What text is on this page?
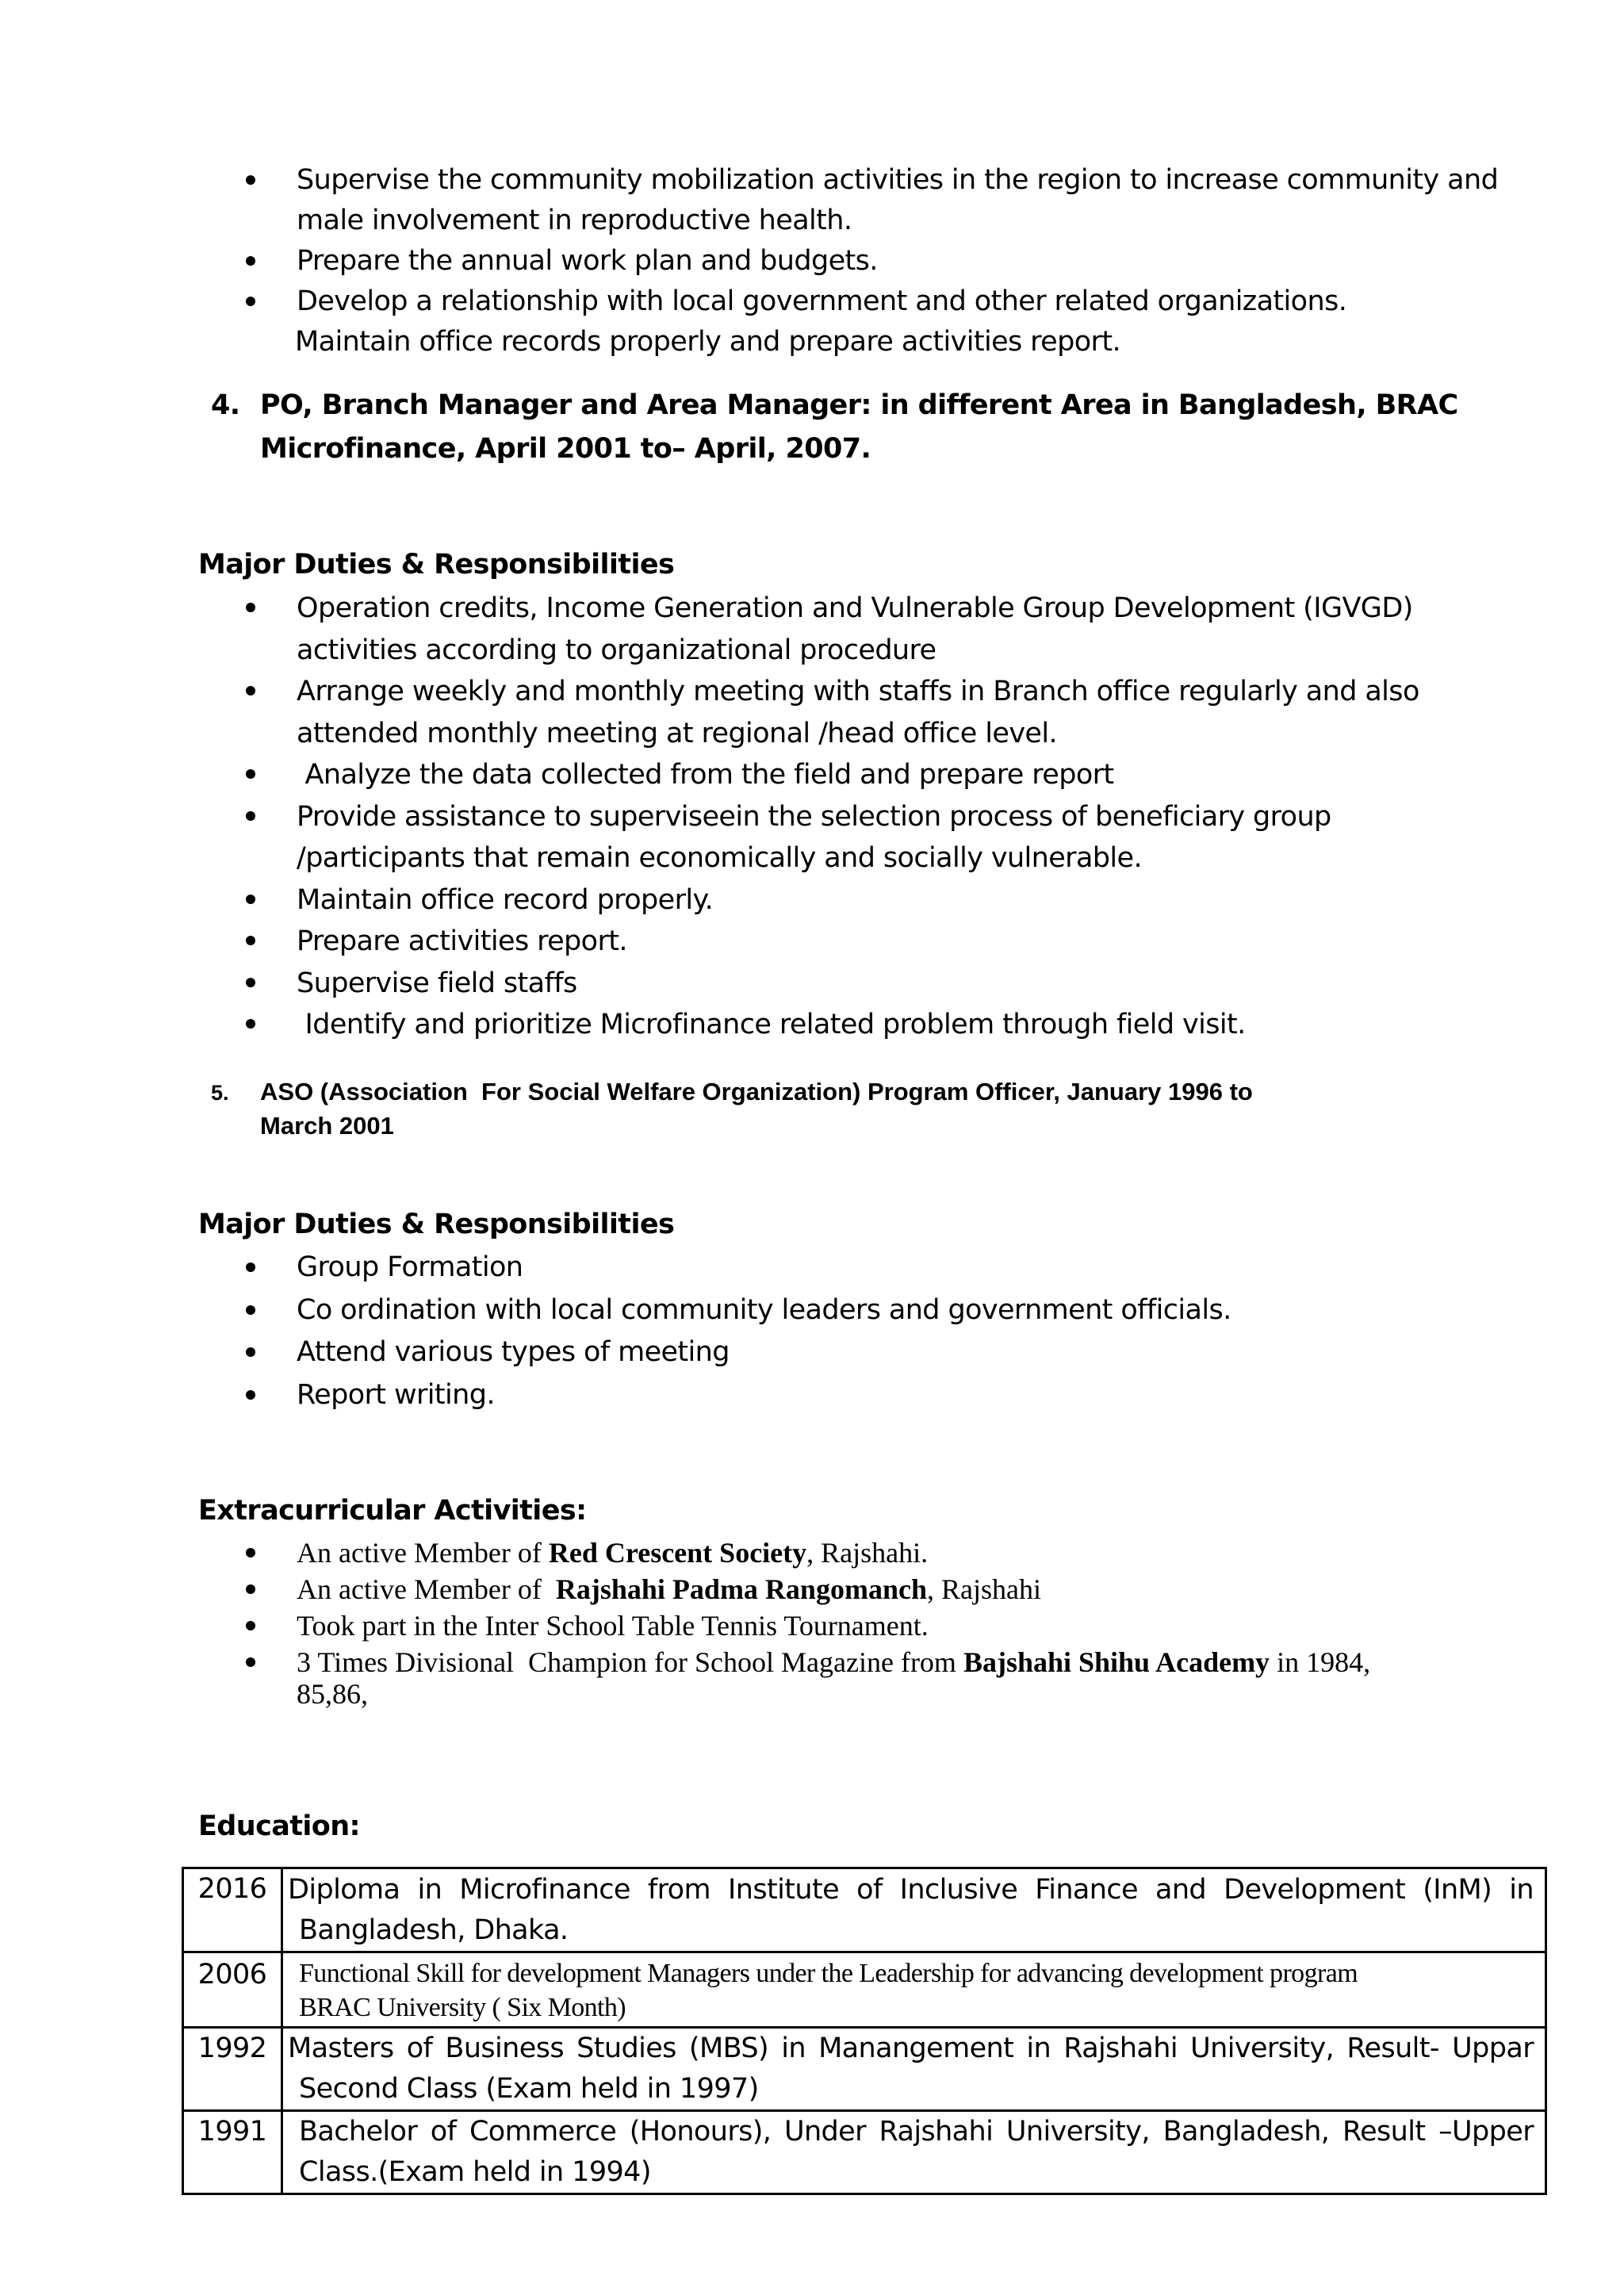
Supervise the community mobilization activities in the region to increase community and male involvement in reproductive health.
Prepare the annual work plan and budgets.
Develop a relationship with local government and other related organizations.
Maintain office records properly and prepare activities report.
4. PO, Branch Manager and Area Manager: in different Area in Bangladesh, BRAC
Microfinance, April 2001 to– April, 2007.
Major Duties & Responsibilities
Operation credits, Income Generation and Vulnerable Group Development (IGVGD) activities according to organizational procedure
Arrange weekly and monthly meeting with staffs in Branch office regularly and also attended monthly meeting at regional /head office level.
Analyze the data collected from the field and prepare report
Provide assistance to superviseein the selection process of beneficiary group /participants that remain economically and socially vulnerable.
Maintain office record properly.
Prepare activities report.
Supervise field staffs
Identify and prioritize Microfinance related problem through field visit.
5. ASO (Association  For Social Welfare Organization) Program Officer, January 1996 to
March 2001
Major Duties & Responsibilities
Group Formation
Co ordination with local community leaders and government officials.
Attend various types of meeting
Report writing.
Extracurricular Activities:
An active Member of Red Crescent Society, Rajshahi.
An active Member of  Rajshahi Padma Rangomanch, Rajshahi
Took part in the Inter School Table Tennis Tournament.
3 Times Divisional  Champion for School Magazine from Bajshahi Shihu Academy in 1984, 85,86,
Education:
2016	Diploma in Microfinance from Institute of Inclusive Finance and Development (InM) in
Bangladesh, Dhaka.

2006	Functional Skill for development Managers under the Leadership for advancing development program
BRAC University ( Six Month)

1992	Masters of Business Studies (MBS) in Manangement in Rajshahi University, Result- Uppar
Second Class (Exam held in 1997)

1991	Bachelor of Commerce (Honours), Under Rajshahi University, Bangladesh, Result –Upper
Class.(Exam held in 1994)
